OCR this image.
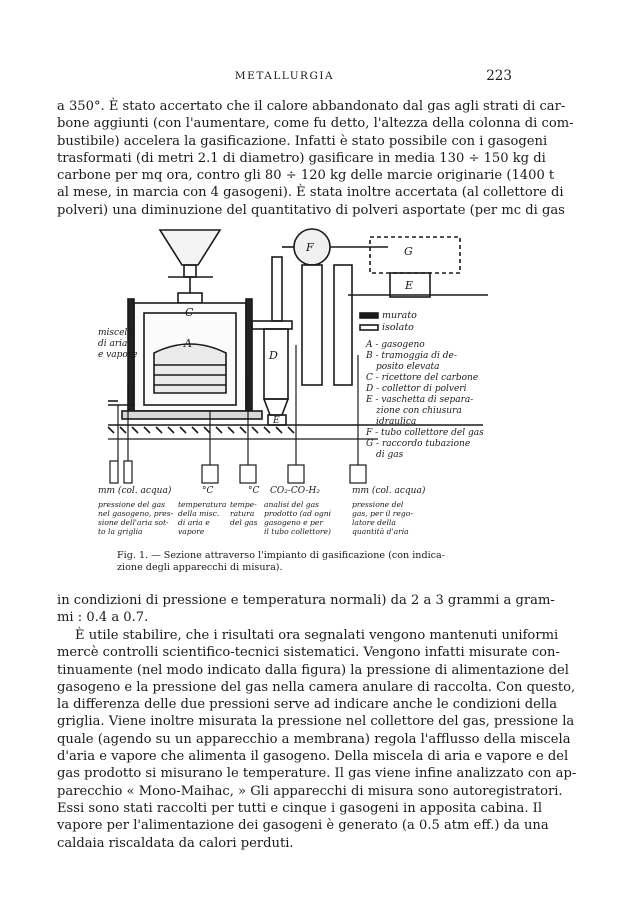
METALLURGIA	223

a 350°. È stato accertato che il calore abbandonato dal gas agli strati di car-
bone aggiunti (con l'aumentare, come fu detto, l'altezza della colonna di com-
bustibile) accelera la gasificazione. Infatti è stato possibile con i gasogeni
trasformati (di metri 2.1 di diametro) gasificare in media 130 ÷ 150 kg di
carbone per mq ora, contro gli 80 ÷ 120 kg delle marcie originarie (1400 t
al mese, in marcia con 4 gasogeni). È stata inoltre accertata (al collettore di
polveri) una diminuzione del quantitativo di polveri asportate (per mc di gas

F	G
E
C
A
D
E
miscela
di aria
e vapore
murato
isolato
A - gasogeno
B - tramoggia di de-
posito elevata
C - ricettore del carbone
D - collettor di polveri
E - vaschetta di separa-
zione con chiusura
idraulica
F - tubo collettore del gas
G - raccordo tubazione
di gas
mm (col. acqua)	°C	°C CO₂-CO-H₂	mm (col. acqua)
pressione del gas
nel gasogeno, pres-
sione dell'aria sot-
to la griglia
temperatura
della misc.
di aria e
vapore
tempe-
ratura
del gas
analisi del gas
prodotto (ad ogni
gasogeno e per
il tubo collettore)
pressione del
gas, per il rego-
latore della
quantità d'aria
Fig. 1. — Sezione attraverso l'impianto di gasificazione (con indica-
zione degli apparecchi di misura).

in condizioni di pressione e temperatura normali) da 2 a 3 grammi a gram-
mi : 0.4 a 0.7.

È utile stabilire, che i risultati ora segnalati vengono mantenuti uniformi
mercè controlli scientifico-tecnici sistematici. Vengono infatti misurate con-
tinuamente (nel modo indicato dalla figura) la pressione di alimentazione del
gasogeno e la pressione del gas nella camera anulare di raccolta. Con questo,
la differenza delle due pressioni serve ad indicare anche le condizioni della
griglia. Viene inoltre misurata la pressione nel collettore del gas, pressione la
quale (agendo su un apparecchio a membrana) regola l'afflusso della miscela
d'aria e vapore che alimenta il gasogeno. Della miscela di aria e vapore e del
gas prodotto si misurano le temperature. Il gas viene infine analizzato con ap-
parecchio « Mono-Maihac, » Gli apparecchi di misura sono autoregistratori.
Essi sono stati raccolti per tutti e cinque i gasogeni in apposita cabina. Il
vapore per l'alimentazione dei gasogeni è generato (a 0.5 atm eff.) da una
caldaia riscaldata da calori perduti.
